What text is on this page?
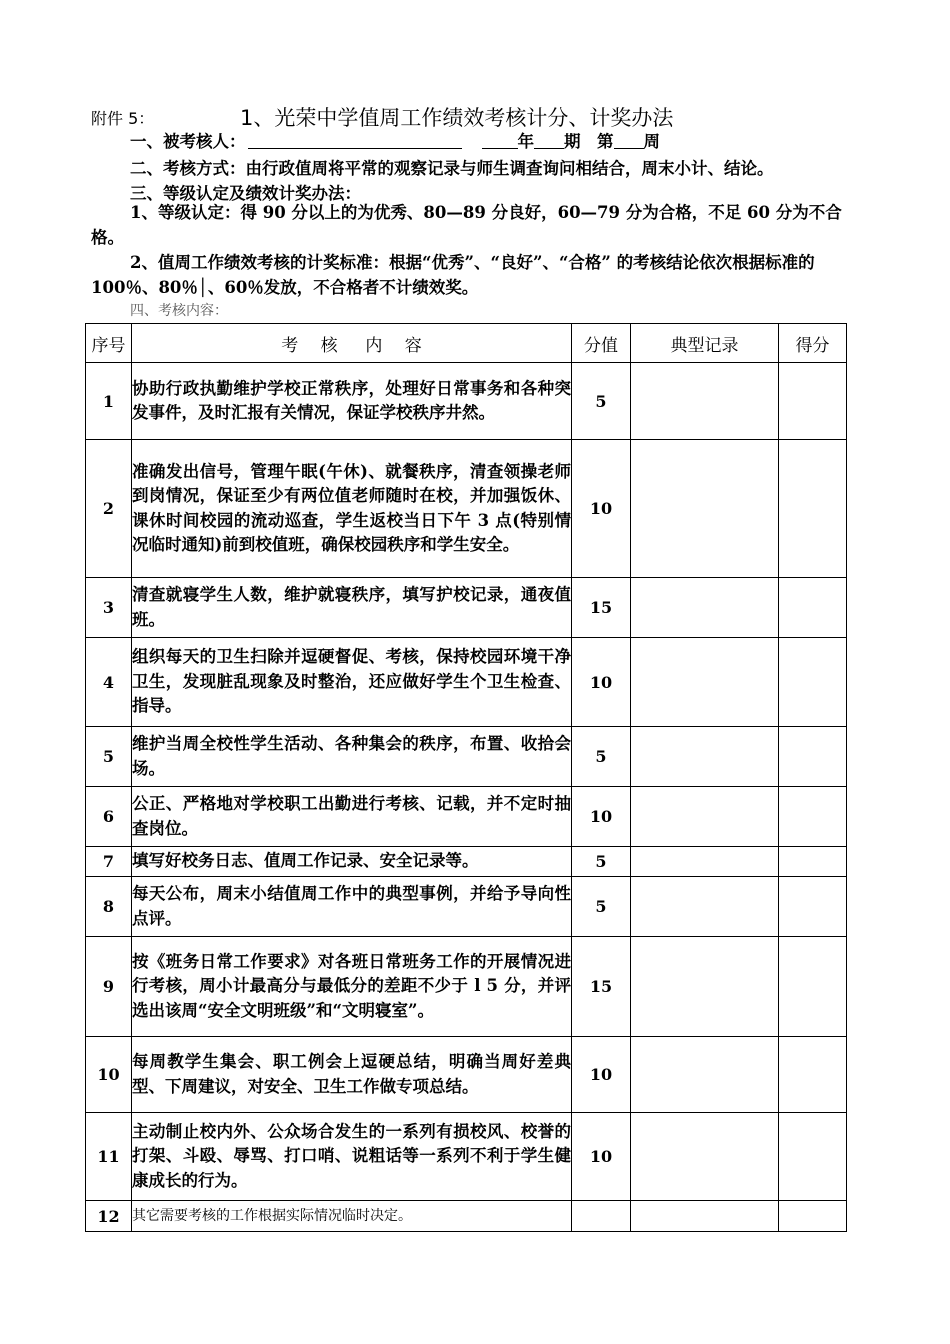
附件 5：	1、光荣中学值周工作绩效考核计分、计奖办法
一、被考核人：	年 期　 第 周
二、考核方式：由行政值周将平常的观察记录与师生调查询问相结合，周末小计、结论。
三、等级认定及绩效计奖办法：
1、等级认定：得 90 分以上的为优秀、80—89 分良好，60—79 分为合格，不足 60 分为不合格。
2、值周工作绩效考核的计奖标准：根据“优秀”、“良好”、“合格” 的考核结论依次根据标准的100％、80％│、60％发放，不合格者不计绩效奖。
四、考核内容：
序号	考　 核 　 内　 容	分值	典型记录	得分
1	协助行政执勤维护学校正常秩序，处理好日常事务和各种突发事件，及时汇报有关情况，保证学校秩序井然。	5		
2	准确发出信号，管理午眠(午休)、就餐秩序，清查领操老师到岗情况，保证至少有两位值老师随时在校，并加强饭休、课休时间校园的流动巡查，学生返校当日下午 3 点(特别情况临时通知)前到校值班，确保校园秩序和学生安全。	10		
3	清查就寝学生人数，维护就寝秩序，填写护校记录，通夜值班。	15		
4	组织每天的卫生扫除并逗硬督促、考核，保持校园环境干净卫生，发现脏乱现象及时整治，还应做好学生个卫生检查、指导。	10		
5	维护当周全校性学生活动、各种集会的秩序，布置、收拾会场。	5		
6	公正、严格地对学校职工出勤进行考核、记载，并不定时抽查岗位。	10		
7	填写好校务日志、值周工作记录、安全记录等。	5		
8	每天公布，周末小结值周工作中的典型事例，并给予导向性点评。	5		
9	按《班务日常工作要求》对各班日常班务工作的开展情况进行考核，周小计最高分与最低分的差距不少于 l 5 分，并评选出该周“安全文明班级”和“文明寝室”。	15		
10	每周教学生集会、职工例会上逗硬总结，明确当周好差典型、下周建议，对安全、卫生工作做专项总结。	10		
11	主动制止校内外、公众场合发生的一系列有损校风、校誉的打架、斗殴、辱骂、打口哨、说粗话等一系列不利于学生健康成长的行为。	10		
12	其它需要考核的工作根据实际情况临时决定。			
